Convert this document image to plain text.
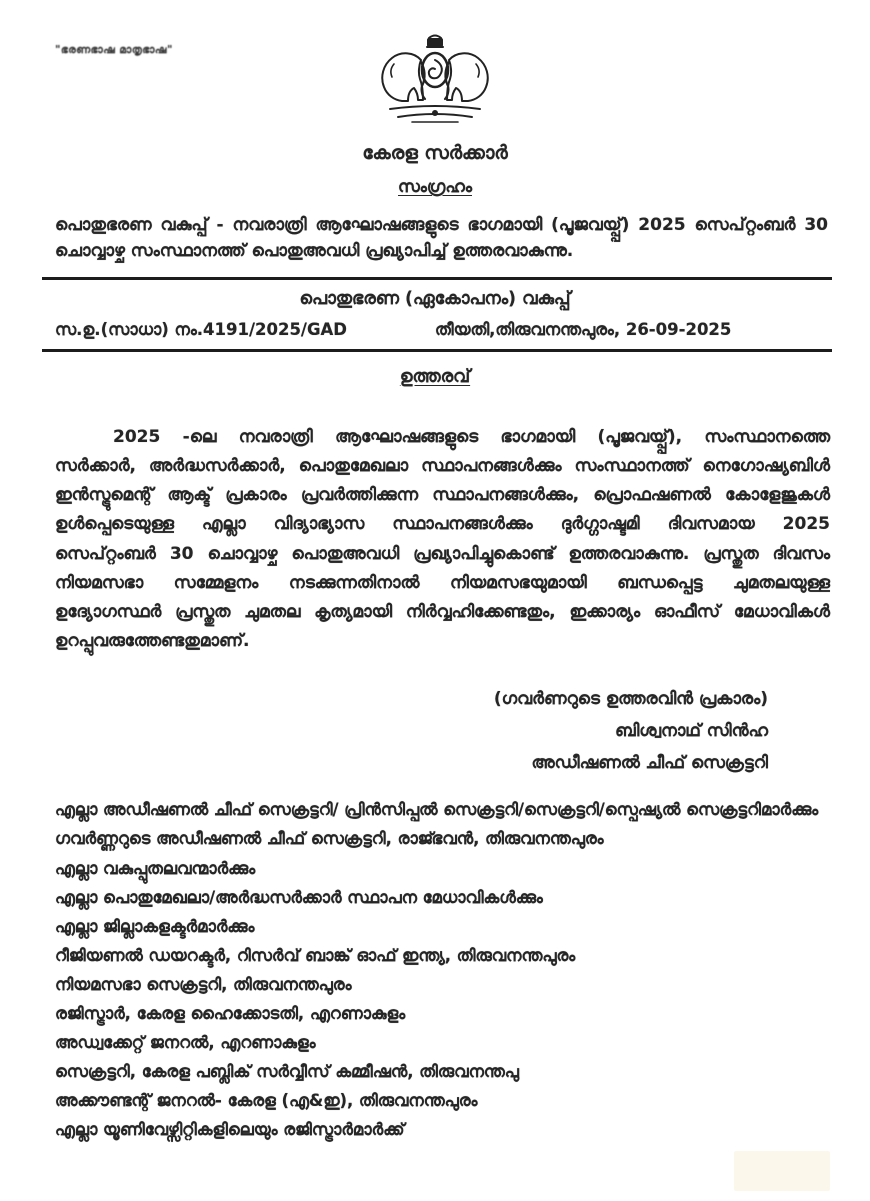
"ഭരണഭാഷ മാതൃഭാഷ"
കേരള സർക്കാർ
സംഗ്രഹം

പൊതുഭരണ വകുപ്പ് - നവരാത്രി ആഘോഷങ്ങളുടെ ഭാഗമായി (പൂജവയ്പ്പ്) 2025 സെപ്റ്റംബർ 30 ചൊവ്വാഴ്ച സംസ്ഥാനത്ത് പൊതുഅവധി പ്രഖ്യാപിച്ച് ഉത്തരവാകുന്നു.

പൊതുഭരണ (ഏകോപനം) വകുപ്പ്
സ.ഉ.(സാധാ) നം.4191/2025/GAD	തീയതി,തിരുവനന്തപുരം, 26-09-2025
ഉത്തരവ്

2025 -ലെ നവരാത്രി ആഘോഷങ്ങളുടെ ഭാഗമായി (പൂജവയ്പ്പ്), സംസ്ഥാനത്തെ സർക്കാർ, അർദ്ധസർക്കാർ, പൊതുമേഖലാ സ്ഥാപനങ്ങൾക്കും സംസ്ഥാനത്ത് നെഗോഷ്യബിൾ ഇൻസ്ട്രുമെന്റ് ആക്ട് പ്രകാരം പ്രവർത്തിക്കുന്ന സ്ഥാപനങ്ങൾക്കും, പ്രൊഫഷണൽ കോളേജുകൾ ഉൾപ്പെടെയുള്ള എല്ലാ വിദ്യാഭ്യാസ സ്ഥാപനങ്ങൾക്കും ദുർഗ്ഗാഷ്ടമി ദിവസമായ 2025 സെപ്റ്റംബർ 30 ചൊവ്വാഴ്ച പൊതുഅവധി പ്രഖ്യാപിച്ചുകൊണ്ട് ഉത്തരവാകുന്നു. പ്രസ്തുത ദിവസം നിയമസഭാ സമ്മേളനം നടക്കുന്നതിനാൽ നിയമസഭയുമായി ബന്ധപ്പെട്ട ചുമതലയുള്ള ഉദ്യോഗസ്ഥർ പ്രസ്തുത ചുമതല കൃത്യമായി നിർവ്വഹിക്കേണ്ടതും, ഇക്കാര്യം ഓഫീസ് മേധാവികൾ ഉറപ്പുവരുത്തേണ്ടതുമാണ്.

(ഗവർണറുടെ ഉത്തരവിൻ പ്രകാരം)
ബിശ്വനാഥ് സിൻഹ
അഡീഷണൽ ചീഫ് സെക്രട്ടറി
എല്ലാ അഡീഷണൽ ചീഫ് സെക്രട്ടറി/ പ്രിൻസിപ്പൽ സെക്രട്ടറി/സെക്രട്ടറി/സ്പെഷ്യൽ സെക്രട്ടറിമാർക്കും
ഗവർണ്ണറുടെ അഡീഷണൽ ചീഫ് സെക്രട്ടറി, രാജ്ഭവൻ, തിരുവനന്തപുരം
എല്ലാ വകുപ്പുതലവന്മാർക്കും
എല്ലാ പൊതുമേഖലാ/അർദ്ധസർക്കാർ സ്ഥാപന മേധാവികൾക്കും
എല്ലാ ജില്ലാകളക്ടർമാർക്കും
റീജിയണൽ ഡയറക്ടർ, റിസർവ് ബാങ്ക് ഓഫ് ഇന്ത്യ, തിരുവനന്തപുരം
നിയമസഭാ സെക്രട്ടറി, തിരുവനന്തപുരം
രജിസ്ട്രാർ, കേരള ഹൈക്കോടതി, എറണാകുളം
അഡ്വക്കേറ്റ് ജനറൽ, എറണാകുളം
സെക്രട്ടറി, കേരള പബ്ലിക് സർവ്വീസ് കമ്മീഷൻ, തിരുവനന്തപു
അക്കൗണ്ടന്റ് ജനറൽ- കേരള (എ&ഇ), തിരുവനന്തപുരം
എല്ലാ യൂണിവേഴ്സിറ്റികളിലെയും രജിസ്ട്രാർമാർക്ക്
